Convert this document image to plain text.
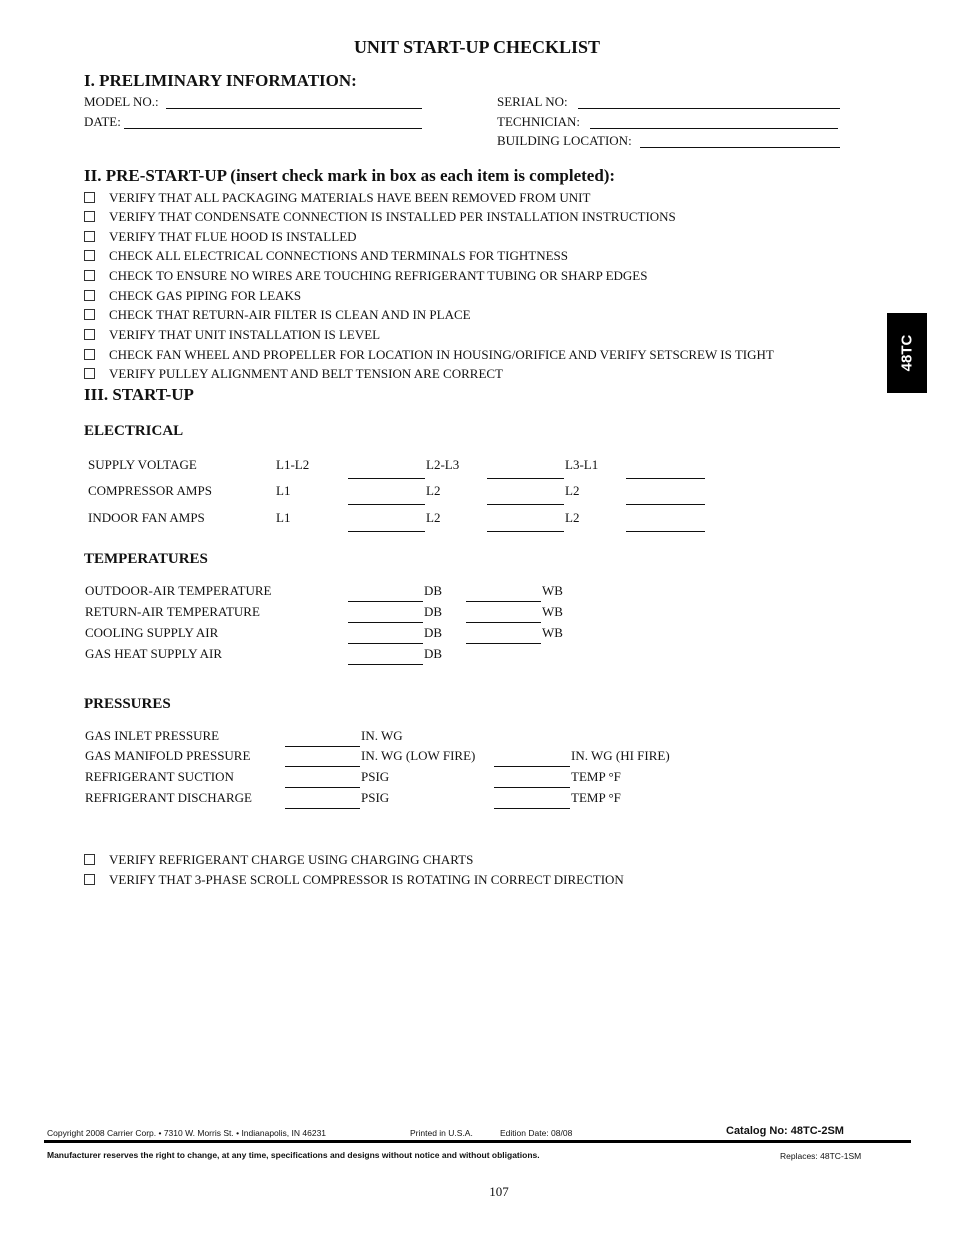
UNIT START-UP CHECKLIST
I. PRELIMINARY INFORMATION:
MODEL NO.:
DATE:
SERIAL NO:
TECHNICIAN:
BUILDING LOCATION:
II. PRE-START-UP (insert check mark in box as each item is completed):
VERIFY THAT ALL PACKAGING MATERIALS HAVE BEEN REMOVED FROM UNIT
VERIFY THAT CONDENSATE CONNECTION IS INSTALLED PER INSTALLATION INSTRUCTIONS
VERIFY THAT FLUE HOOD IS INSTALLED
CHECK ALL ELECTRICAL CONNECTIONS AND TERMINALS FOR TIGHTNESS
CHECK TO ENSURE NO WIRES ARE TOUCHING REFRIGERANT TUBING OR SHARP EDGES
CHECK GAS PIPING FOR LEAKS
CHECK THAT RETURN-AIR FILTER IS CLEAN AND IN PLACE
VERIFY THAT UNIT INSTALLATION IS LEVEL
CHECK FAN WHEEL AND PROPELLER FOR LOCATION IN HOUSING/ORIFICE AND VERIFY SETSCREW IS TIGHT
VERIFY PULLEY ALIGNMENT AND BELT TENSION ARE CORRECT
III. START-UP
ELECTRICAL
SUPPLY VOLTAGE	L1-L2	L2-L3	L3-L1
COMPRESSOR AMPS	L1	L2	L2
INDOOR FAN AMPS	L1	L2	L2
TEMPERATURES
OUTDOOR-AIR TEMPERATURE	DB	WB
RETURN-AIR TEMPERATURE	DB	WB
COOLING SUPPLY AIR	DB	WB
GAS HEAT SUPPLY AIR	DB
PRESSURES
GAS INLET PRESSURE	IN. WG
GAS MANIFOLD PRESSURE	IN. WG (LOW FIRE)	IN. WG (HI FIRE)
REFRIGERANT SUCTION	PSIG	TEMP °F
REFRIGERANT DISCHARGE	PSIG	TEMP °F
VERIFY REFRIGERANT CHARGE USING CHARGING CHARTS
VERIFY THAT 3-PHASE SCROLL COMPRESSOR IS ROTATING IN CORRECT DIRECTION
48TC
Copyright 2008 Carrier Corp. • 7310 W. Morris St. • Indianapolis, IN 46231	Printed in U.S.A.	Edition Date: 08/08	Catalog No: 48TC-2SM
Manufacturer reserves the right to change, at any time, specifications and designs without notice and without obligations.	Replaces: 48TC-1SM
107
